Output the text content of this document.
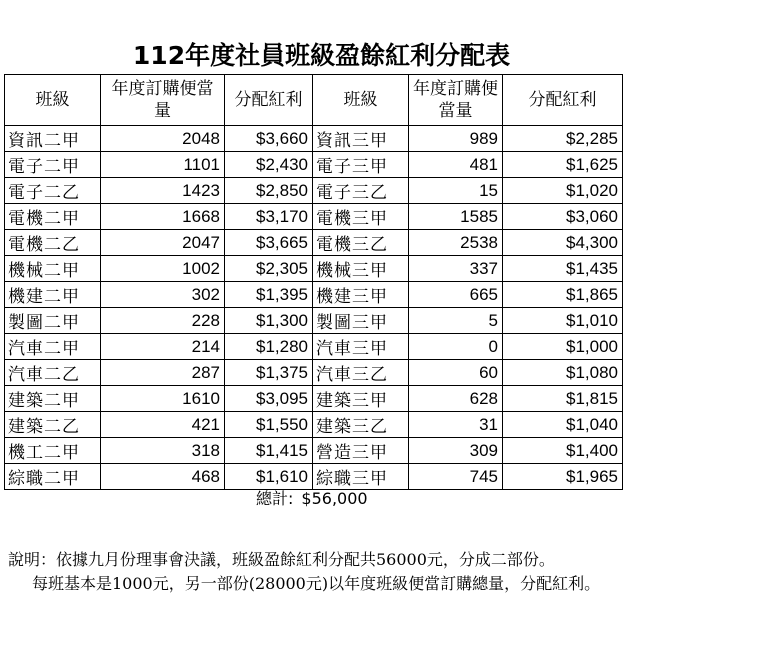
112年度社員班級盈餘紅利分配表
班級	年度訂購便當量	分配紅利	班級	年度訂購便當量	分配紅利
資訊二甲	2048	$3,660	資訊三甲	989	$2,285
電子二甲	1101	$2,430	電子三甲	481	$1,625
電子二乙	1423	$2,850	電子三乙	15	$1,020
電機二甲	1668	$3,170	電機三甲	1585	$3,060
電機二乙	2047	$3,665	電機三乙	2538	$4,300
機械二甲	1002	$2,305	機械三甲	337	$1,435
機建二甲	302	$1,395	機建三甲	665	$1,865
製圖二甲	228	$1,300	製圖三甲	5	$1,010
汽車二甲	214	$1,280	汽車三甲	0	$1,000
汽車二乙	287	$1,375	汽車三乙	60	$1,080
建築二甲	1610	$3,095	建築三甲	628	$1,815
建築二乙	421	$1,550	建築三乙	31	$1,040
機工二甲	318	$1,415	營造三甲	309	$1,400
綜職二甲	468	$1,610	綜職三甲	745	$1,965
總計: $56,000
說明：依據九月份理事會決議，班級盈餘紅利分配共56000元，分成二部份。
每班基本是1000元，另一部份(28000元)以年度班級便當訂購總量，分配紅利。
